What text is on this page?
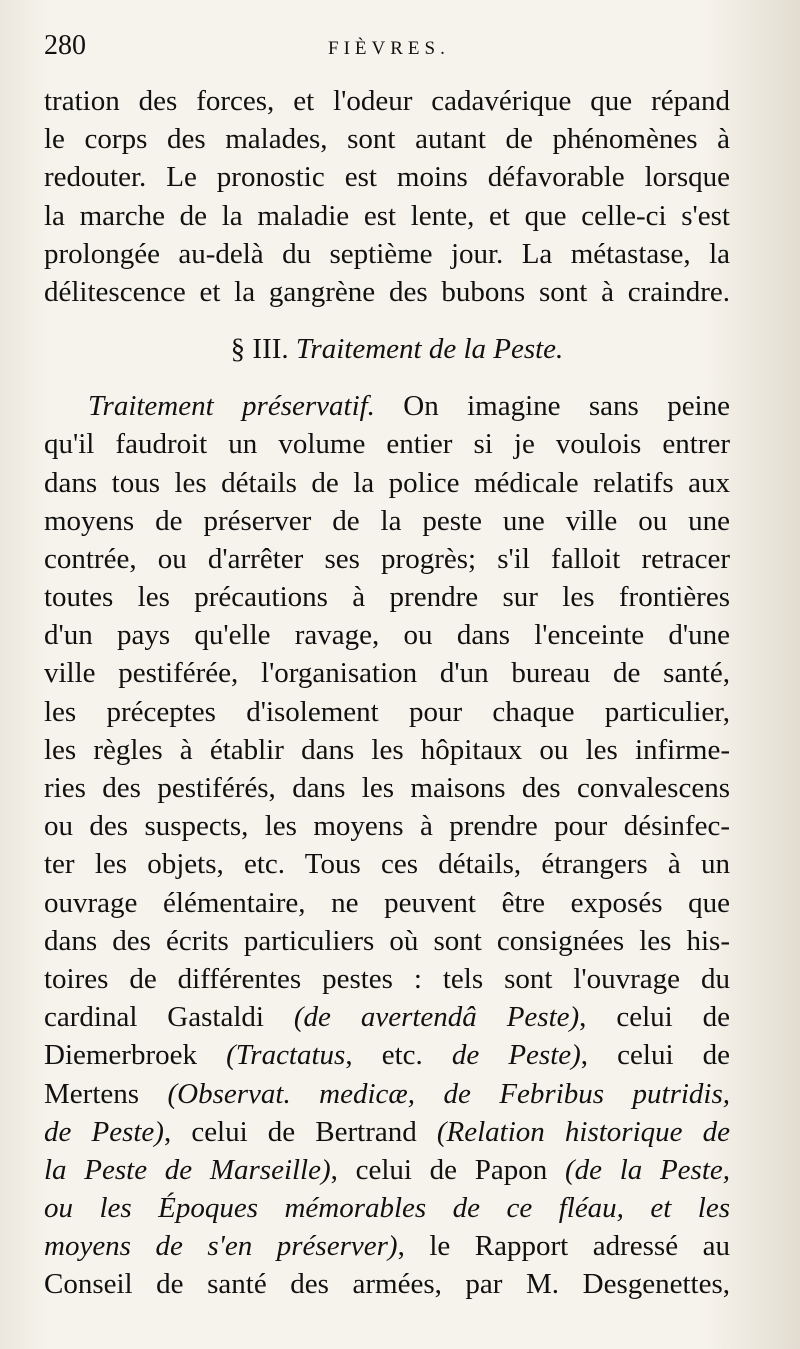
280	FIÈVRES.
tration des forces, et l'odeur cadavérique que répand
le corps des malades, sont autant de phénomènes à
redouter. Le pronostic est moins défavorable lorsque
la marche de la maladie est lente, et que celle-ci s'est
prolongée au-delà du septième jour. La métastase, la
délitescence et la gangrène des bubons sont à craindre.
§ III. Traitement de la Peste.
Traitement préservatif. On imagine sans peine
qu'il faudroit un volume entier si je voulois entrer
dans tous les détails de la police médicale relatifs aux
moyens de préserver de la peste une ville ou une
contrée, ou d'arrêter ses progrès; s'il falloit retracer
toutes les précautions à prendre sur les frontières
d'un pays qu'elle ravage, ou dans l'enceinte d'une
ville pestiférée, l'organisation d'un bureau de santé,
les préceptes d'isolement pour chaque particulier,
les règles à établir dans les hôpitaux ou les infirme-
ries des pestiférés, dans les maisons des convalescens
ou des suspects, les moyens à prendre pour désinfec-
ter les objets, etc. Tous ces détails, étrangers à un
ouvrage élémentaire, ne peuvent être exposés que
dans des écrits particuliers où sont consignées les his-
toires de différentes pestes : tels sont l'ouvrage du
cardinal Gastaldi (de avertendâ Peste), celui de
Diemerbroek (Tractatus, etc. de Peste), celui de
Mertens (Observat. medicæ, de Febribus putridis,
de Peste), celui de Bertrand (Relation historique de
la Peste de Marseille), celui de Papon (de la Peste,
ou les Époques mémorables de ce fléau, et les
moyens de s'en préserver), le Rapport adressé au
Conseil de santé des armées, par M. Desgenettes,
